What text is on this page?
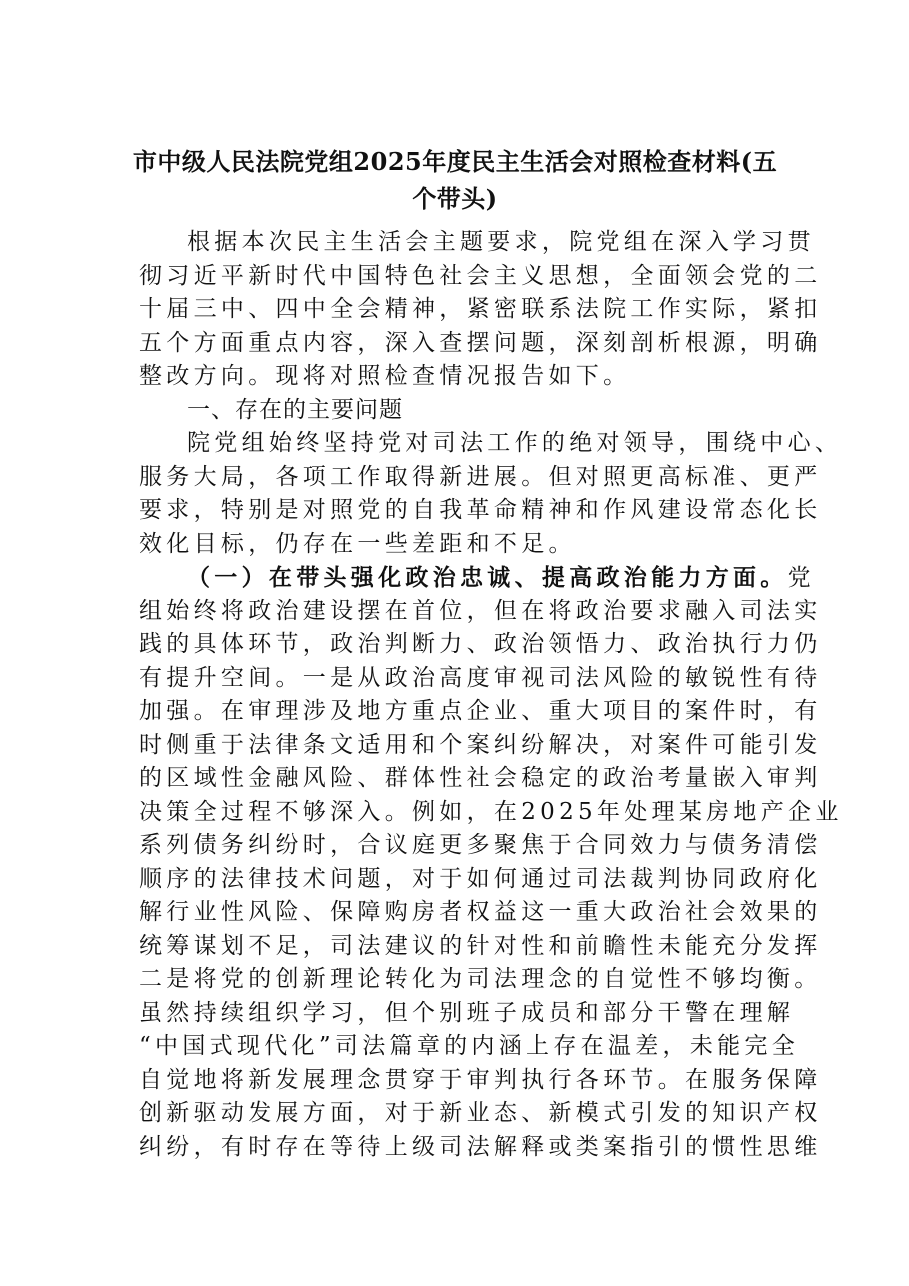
市中级人民法院党组2025年度民主生活会对照检查材料(五
个带头)
根据本次民主生活会主题要求，院党组在深入学习贯
彻习近平新时代中国特色社会主义思想，全面领会党的二
十届三中、四中全会精神，紧密联系法院工作实际，紧扣
五个方面重点内容，深入查摆问题，深刻剖析根源，明确
整改方向。现将对照检查情况报告如下。
一、存在的主要问题
院党组始终坚持党对司法工作的绝对领导，围绕中心、
服务大局，各项工作取得新进展。但对照更高标准、更严
要求，特别是对照党的自我革命精神和作风建设常态化长
效化目标，仍存在一些差距和不足。
（一）在带头强化政治忠诚、提高政治能力方面。党
组始终将政治建设摆在首位，但在将政治要求融入司法实
践的具体环节，政治判断力、政治领悟力、政治执行力仍
有提升空间。一是从政治高度审视司法风险的敏锐性有待
加强。在审理涉及地方重点企业、重大项目的案件时，有
时侧重于法律条文适用和个案纠纷解决，对案件可能引发
的区域性金融风险、群体性社会稳定的政治考量嵌入审判
决策全过程不够深入。例如，在2025年处理某房地产企业
系列债务纠纷时，合议庭更多聚焦于合同效力与债务清偿
顺序的法律技术问题，对于如何通过司法裁判协同政府化
解行业性风险、保障购房者权益这一重大政治社会效果的
统筹谋划不足，司法建议的针对性和前瞻性未能充分发挥
二是将党的创新理论转化为司法理念的自觉性不够均衡。
虽然持续组织学习，但个别班子成员和部分干警在理解
“中国式现代化”司法篇章的内涵上存在温差，未能完全
自觉地将新发展理念贯穿于审判执行各环节。在服务保障
创新驱动发展方面，对于新业态、新模式引发的知识产权
纠纷，有时存在等待上级司法解释或类案指引的惯性思维
